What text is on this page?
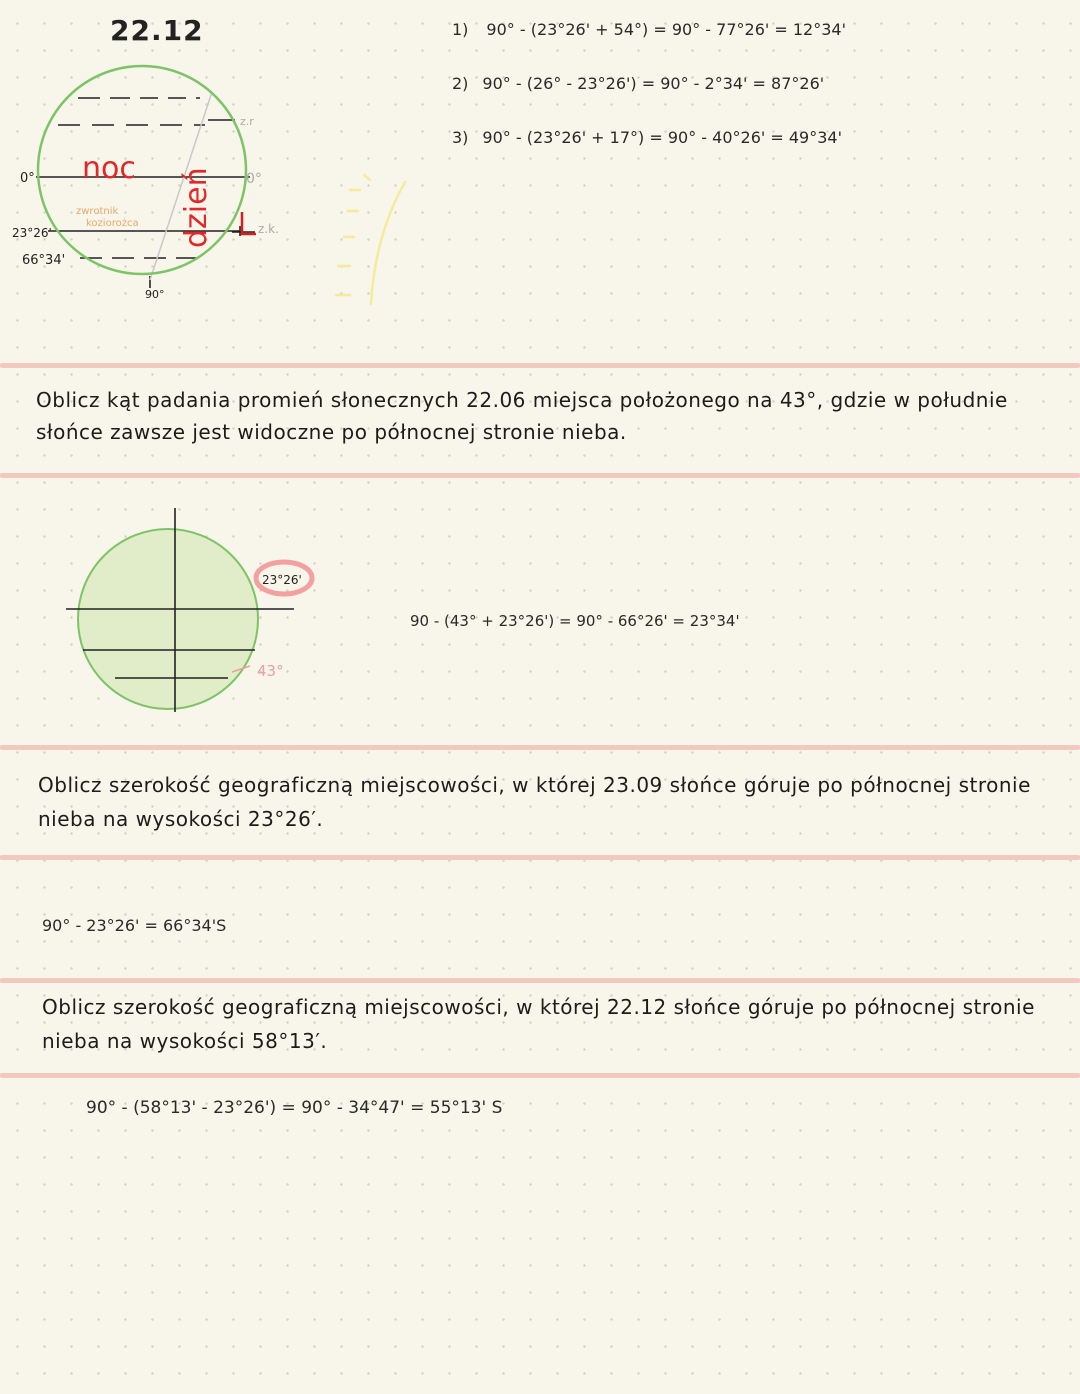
22.12
0°
23°26'
66°34'
90°
z.r
0°
z.k.
noc dzień
zwrotnik
koziorożca
1) 90° - (23°26' + 54°) = 90° - 77°26' = 12°34'
2) 90° - (26° - 23°26') = 90° - 2°34' = 87°26'
3) 90° - (23°26' + 17°) = 90° - 40°26' = 49°34'

Oblicz kąt padania promień słonecznych 22.06 miejsca położonego na 43°, gdzie w południe słońce zawsze jest widoczne po północnej stronie nieba.

23°26'
43°
90 - (43° + 23°26') = 90° - 66°26' = 23°34'

Oblicz szerokość geograficzną miejscowości, w której 23.09 słońce góruje po północnej stronie nieba na wysokości 23°26′.

90° - 23°26' = 66°34'S

Oblicz szerokość geograficzną miejscowości, w której 22.12 słońce góruje po północnej stronie nieba na wysokości 58°13′.

90° - (58°13' - 23°26') = 90° - 34°47' = 55°13' S
